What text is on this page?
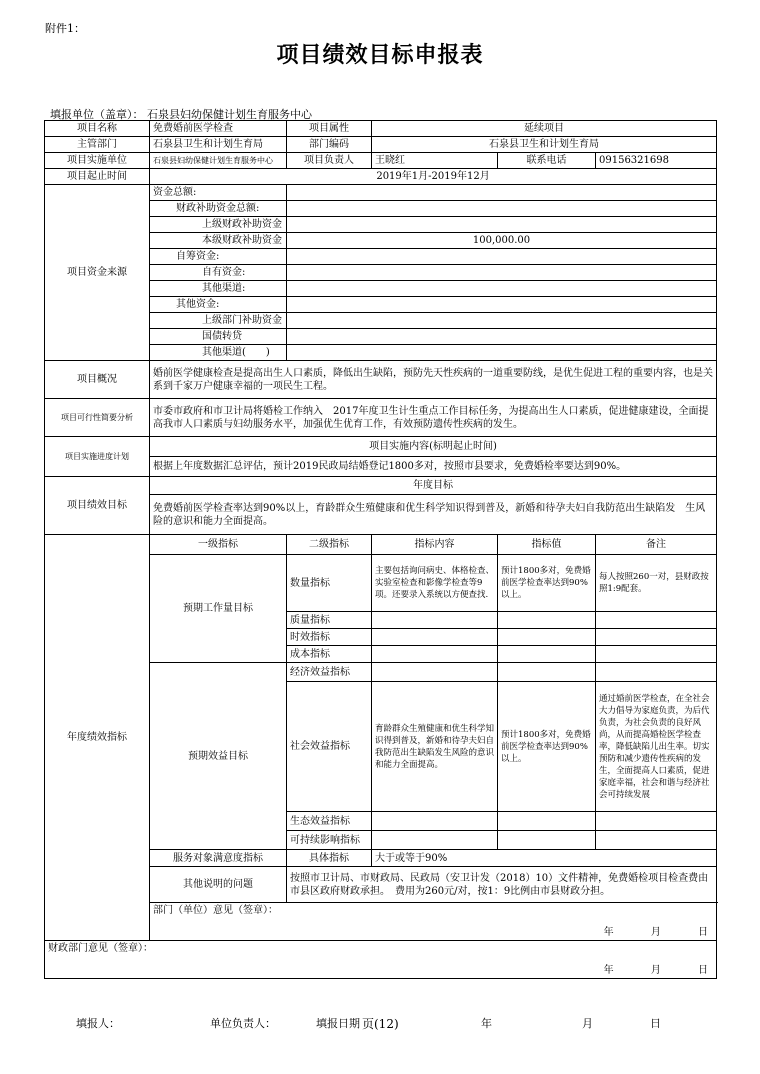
附件1：
项目绩效目标申报表
填报单位（盖章）： 石泉县妇幼保健计划生育服务中心
项目名称	免费婚前医学检查	项目属性	延续项目		
主管部门	石泉县卫生和计划生育局	部门编码	石泉县卫生和计划生育局		
项目实施单位	石泉县妇幼保健计划生育服务中心	项目负责人	王晓红	联系电话	09156321698
项目起止时间	2019年1月-2019年12月				
项目资金来源	资金总额:				
	财政补助资金总额:				
	上级财政补助资金				
	本级财政补助资金	100,000.00			
	自筹资金:				
	自有资金:				
	其他渠道:				
	其他资金:				
	上级部门补助资金				
	国债转贷				
	其他渠道(　　)				
项目概况	婚前医学健康检查是提高出生人口素质，降低出生缺陷，预防先天性疾病的一道重要防线，是优生促进工程的重要内容，也是关系到千家万户健康幸福的一项民生工程。				
项目可行性简要分析	市委市政府和市卫计局将婚检工作纳入　2017年度卫生计生重点工作目标任务，为提高出生人口素质，促进健康建设，全面提高我市人口素质与妇幼服务水平，加强优生优育工作，有效预防遗传性疾病的发生。				
项目实施进度计划	项目实施内容(标明起止时间)				
	根据上年度数据汇总评估，预计2019民政局结婚登记1800多对，按照市县要求，免费婚检率要达到90%。				
项目绩效目标	年度目标				
	免费婚前医学检查率达到90%以上，育龄群众生殖健康和优生科学知识得到普及，新婚和待孕夫妇自我防范出生缺陷发　生风险的意识和能力全面提高。				
年度绩效指标	一级指标	二级指标	指标内容	指标值	备注
	预期工作量目标	数量指标	主要包括询问病史、体格检查、实验室检查和影像学检查等9项。还要录入系统以方便查找.	预计1800多对，免费婚前医学检查率达到90%以上。	每人按照260一对，县财政按照1:9配套。
		质量指标			
		时效指标			
		成本指标			
	预期效益目标	经济效益指标			
		社会效益指标	育龄群众生殖健康和优生科学知识得到普及，新婚和待孕夫妇自我防范出生缺陷发生风险的意识和能力全面提高。	预计1800多对，免费婚前医学检查率达到90%以上。	通过婚前医学检查，在全社会大力倡导为家庭负责，为后代负责，为社会负责的良好风尚，从而提高婚检医学检查率，降低缺陷儿出生率。切实预防和减少遗传性疾病的发生，全面提高人口素质，促进家庭幸福，社会和谐与经济社会可持续发展
		生态效益指标			
		可持续影响指标			
	服务对象满意度指标	具体指标	大于或等于90%		
	其他说明的问题	按照市卫计局、市财政局、民政局（安卫计发（2018）10）文件精神，免费婚检项目检查费由市县区政府财政承担。　费用为260元/对，按1：9比例由市县财政分担。			

	部门（单位）意见（签章）：
年 月 日				

财政部门意见（签章）：
年 月 日					
填报人：	单位负责人：	填报日期 页(12)	年	月	日
